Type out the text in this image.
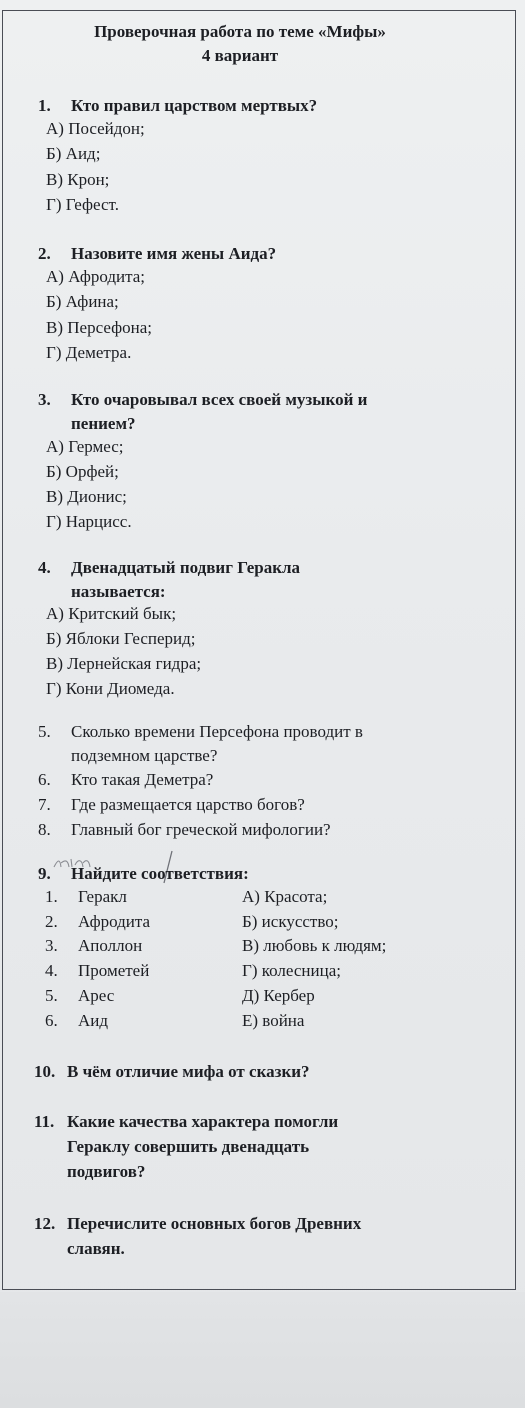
Проверочная работа по теме «Мифы»
4 вариант
1. Кто правил царством мертвых?
А) Посейдон;
Б) Аид;
В) Крон;
Г) Гефест.
2. Назовите имя жены Аида?
А) Афродита;
Б) Афина;
В) Персефона;
Г) Деметра.
3. Кто очаровывал всех своей музыкой и
пением?
А) Гермес;
Б) Орфей;
В) Дионис;
Г) Нарцисс.
4. Двенадцатый подвиг Геракла
называется:
А) Критский бык;
Б) Яблоки Гесперид;
В) Лернейская гидра;
Г) Кони Диомеда.
5. Сколько времени Персефона проводит в
подземном царстве?
6. Кто такая Деметра?
7. Где размещается царство богов?
8. Главный бог греческой мифологии?
9. Найдите соответствия:
1. Геракл	А) Красота;
2. Афродита	Б) искусство;
3. Аполлон	В) любовь к людям;
4. Прометей	Г) колесница;
5. Арес	Д) Кербер
6. Аид	Е) война
10. В чём отличие мифа от сказки?
11. Какие качества характера помогли
Гераклу совершить двенадцать
подвигов?
12. Перечислите основных богов Древних
славян.
